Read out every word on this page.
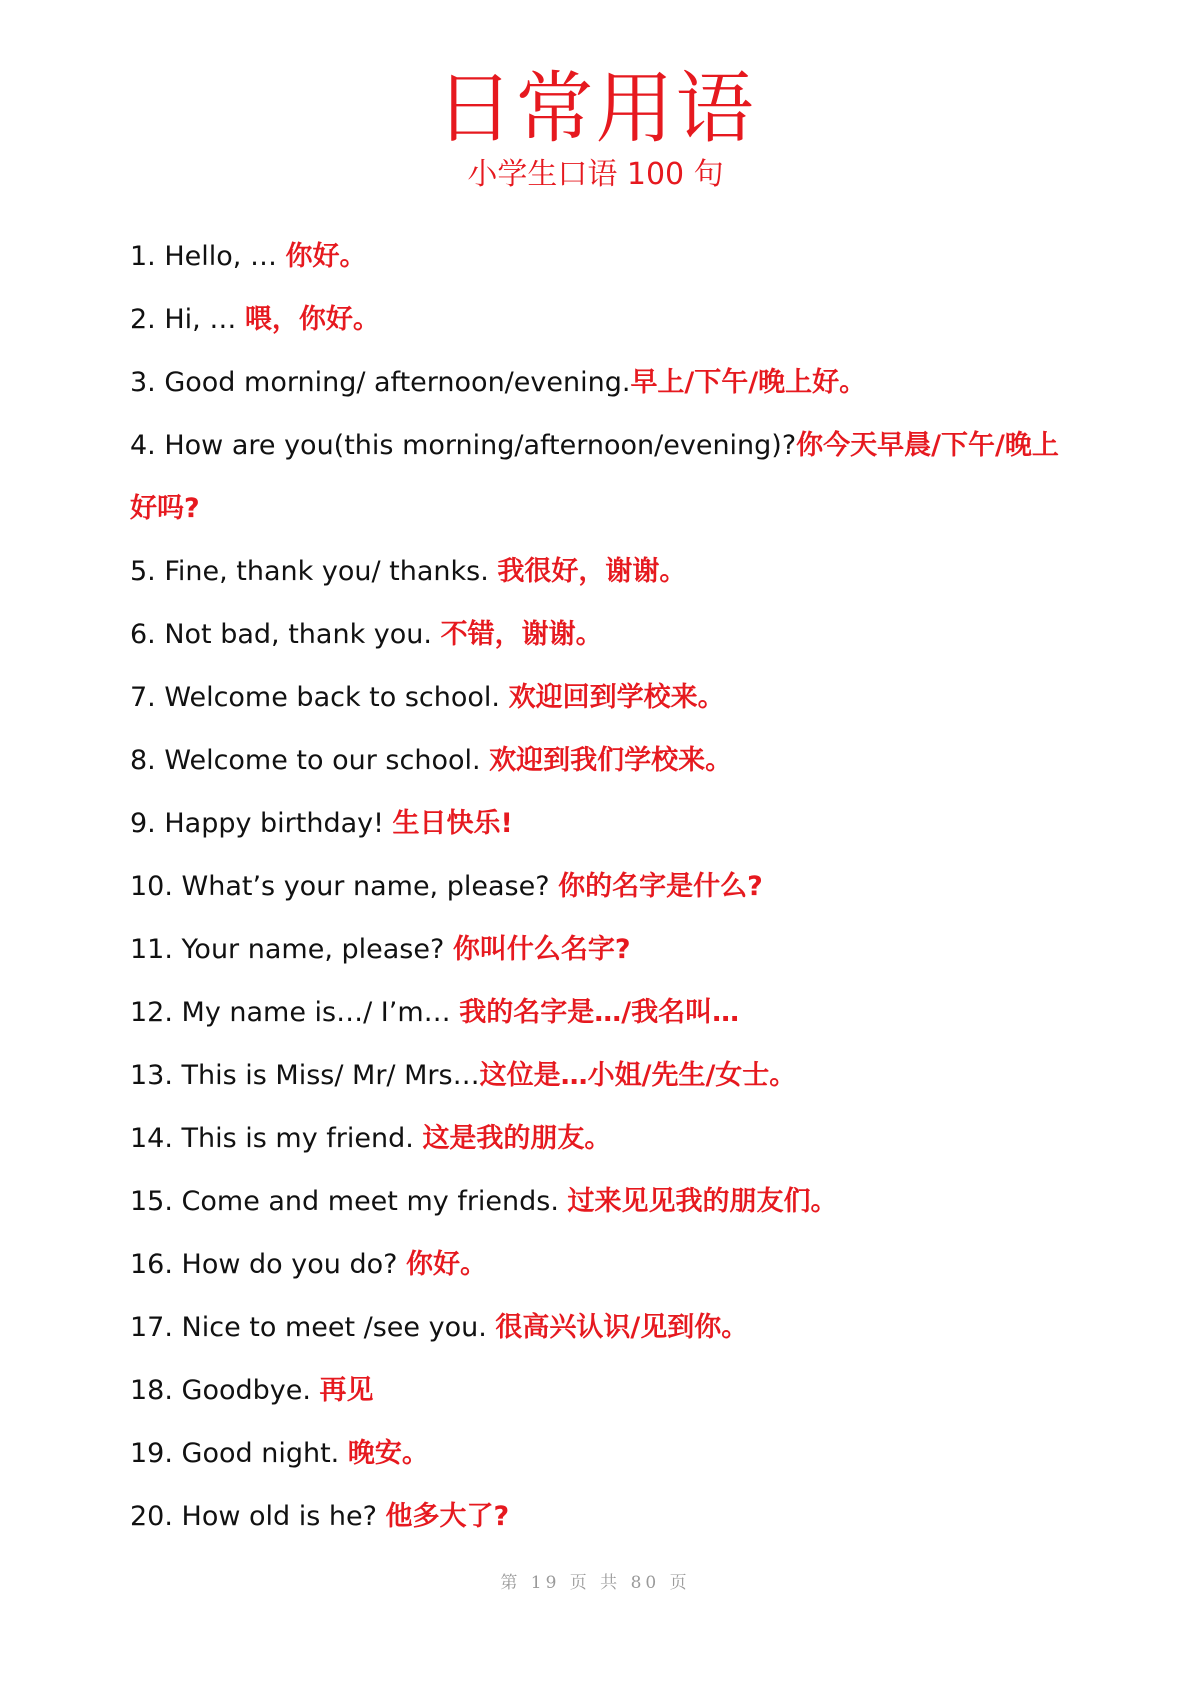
日常用语
小学生口语 100 句
1. Hello, … 你好。
2. Hi, … 喂，你好。
3. Good morning/ afternoon/evening.早上/下午/晚上好。
4. How are you(this morning/afternoon/evening)?你今天早晨/下午/晚上好吗?
5. Fine, thank you/ thanks. 我很好，谢谢。
6. Not bad, thank you. 不错，谢谢。
7. Welcome back to school. 欢迎回到学校来。
8. Welcome to our school. 欢迎到我们学校来。
9. Happy birthday! 生日快乐!
10. What’s your name, please? 你的名字是什么?
11. Your name, please? 你叫什么名字?
12. My name is…/ I’m… 我的名字是…/我名叫…
13. This is Miss/ Mr/ Mrs…这位是…小姐/先生/女士。
14. This is my friend. 这是我的朋友。
15. Come and meet my friends. 过来见见我的朋友们。
16. How do you do? 你好。
17. Nice to meet /see you. 很高兴认识/见到你。
18. Goodbye. 再见
19. Good night. 晚安。
20. How old is he? 他多大了?
第 19 页 共 80 页
